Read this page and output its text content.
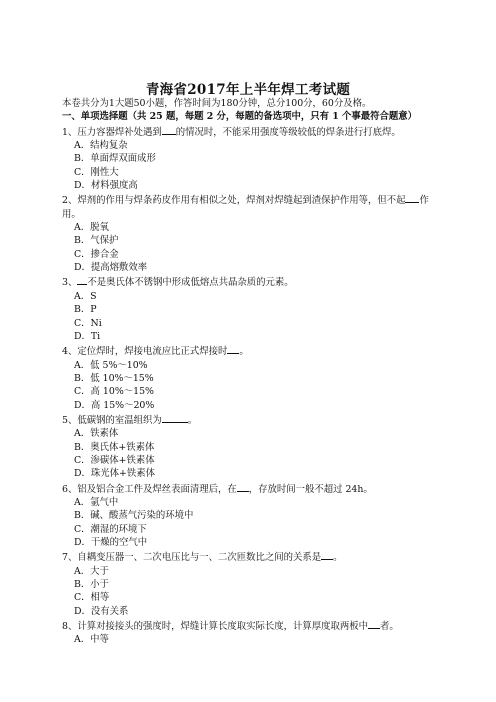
青海省2017年上半年焊工考试题
本卷共分为1大题50小题，作答时间为180分钟，总分100分，60分及格。
一、单项选择题（共 25 题，每题 2 分，每题的备选项中，只有 1 个事最符合题意）
1、压力容器焊补处遇到 的情况时，不能采用强度等级较低的焊条进行打底焊。
A．结构复杂
B．单面焊双面成形
C．刚性大
D．材料强度高
2、焊剂的作用与焊条药皮作用有相似之处，焊剂对焊缝起到渣保护作用等，但不起 作用。
A．脱氧
B．气保护
C．掺合金
D．提高熔敷效率
3、 不是奥氏体不锈钢中形成低熔点共晶杂质的元素。
A．S
B．P
C．Ni
D．Ti
4、定位焊时，焊接电流应比正式焊接时 。
A．低 5%～10%
B．低 10%～15%
C．高 10%～15%
D．高 15%～20%
5、低碳钢的室温组织为	。
A．铁素体
B．奥氏体+铁素体
C．渗碳体+铁素体
D．珠光体+铁素体
6、铝及铝合金工件及焊丝表面清理后，在 ，存放时间一般不超过 24h。
A．氩气中
B．碱、酸蒸气污染的环境中
C．潮湿的环境下
D．干燥的空气中
7、自耦变压器一、二次电压比与一、二次匝数比之间的关系是 。
A．大于
B．小于
C．相等
D．没有关系
8、计算对接接头的强度时，焊缝计算长度取实际长度，计算厚度取两板中 者。
A．中等
